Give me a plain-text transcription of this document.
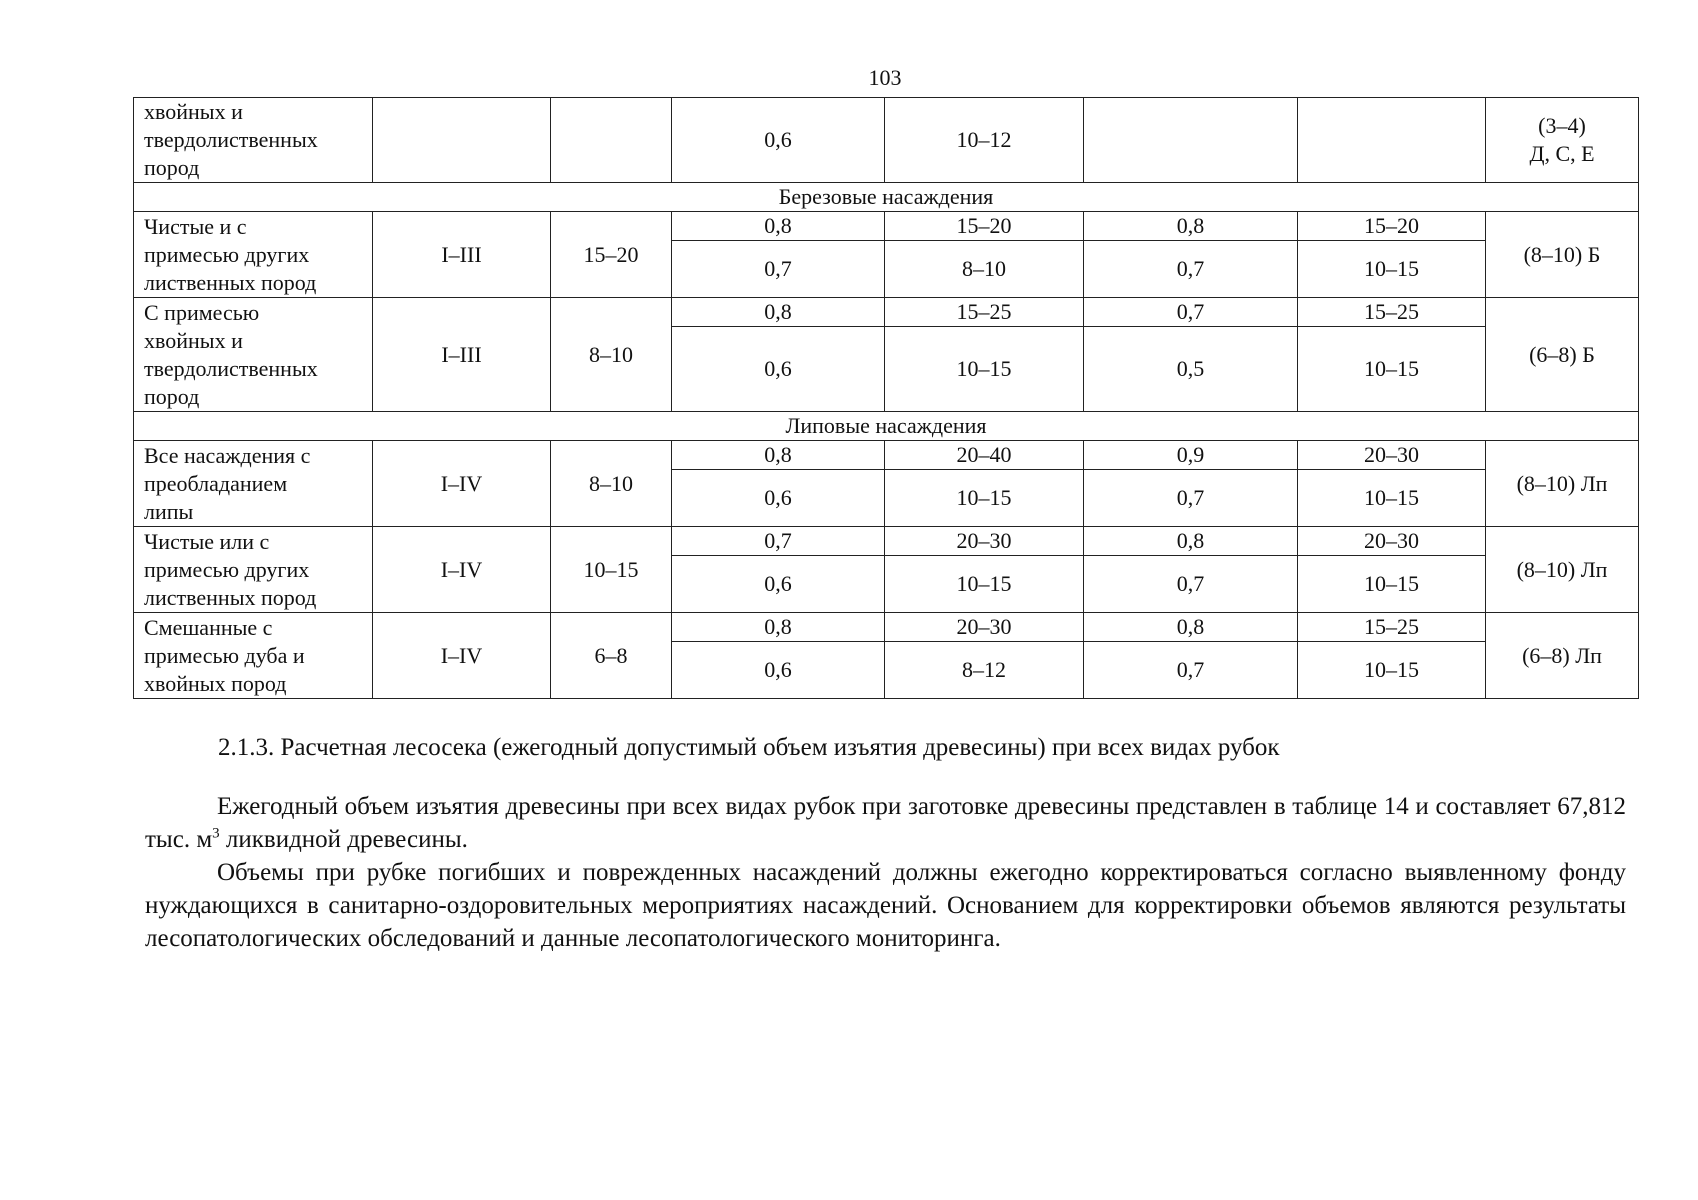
103
хвойных и
твердолиственных
пород			0,6	10–12			(3–4)
Д, С, Е

Березовые насаждения							
Чистые и с
примесью других
лиственных пород	I–III	15–20	0,8	15–20	0,8	15–20	(8–10) Б
			0,7	8–10	0,7	10–15	
С примесью
хвойных и
твердолиственных
пород	I–III	8–10	0,8	15–25	0,7	15–25	(6–8) Б
			0,6	10–15	0,5	10–15	
Липовые насаждения							
Все насаждения с
преобладанием
липы	I–IV	8–10	0,8	20–40	0,9	20–30	(8–10) Лп
			0,6	10–15	0,7	10–15	
Чистые или с
примесью других
лиственных пород	I–IV	10–15	0,7	20–30	0,8	20–30	(8–10) Лп
			0,6	10–15	0,7	10–15	
Смешанные с
примесью дуба и
хвойных пород	I–IV	6–8	0,8	20–30	0,8	15–25	(6–8) Лп
			0,6	8–12	0,7	10–15	
2.1.3. Расчетная лесосека (ежегодный допустимый объем изъятия древесины) при всех видах рубок

Ежегодный объем изъятия древесины при всех видах рубок при заготовке древесины представлен в таблице 14 и составляет 67,812 тыс. $м^3$ ликвидной древесины.

Объемы при рубке погибших и поврежденных насаждений должны ежегодно корректироваться согласно выявленному фонду нуждающихся в санитарно-оздоровительных мероприятиях насаждений. Основанием для корректировки объемов являются результаты лесопатологических обследований и данные лесопатологического мониторинга.
